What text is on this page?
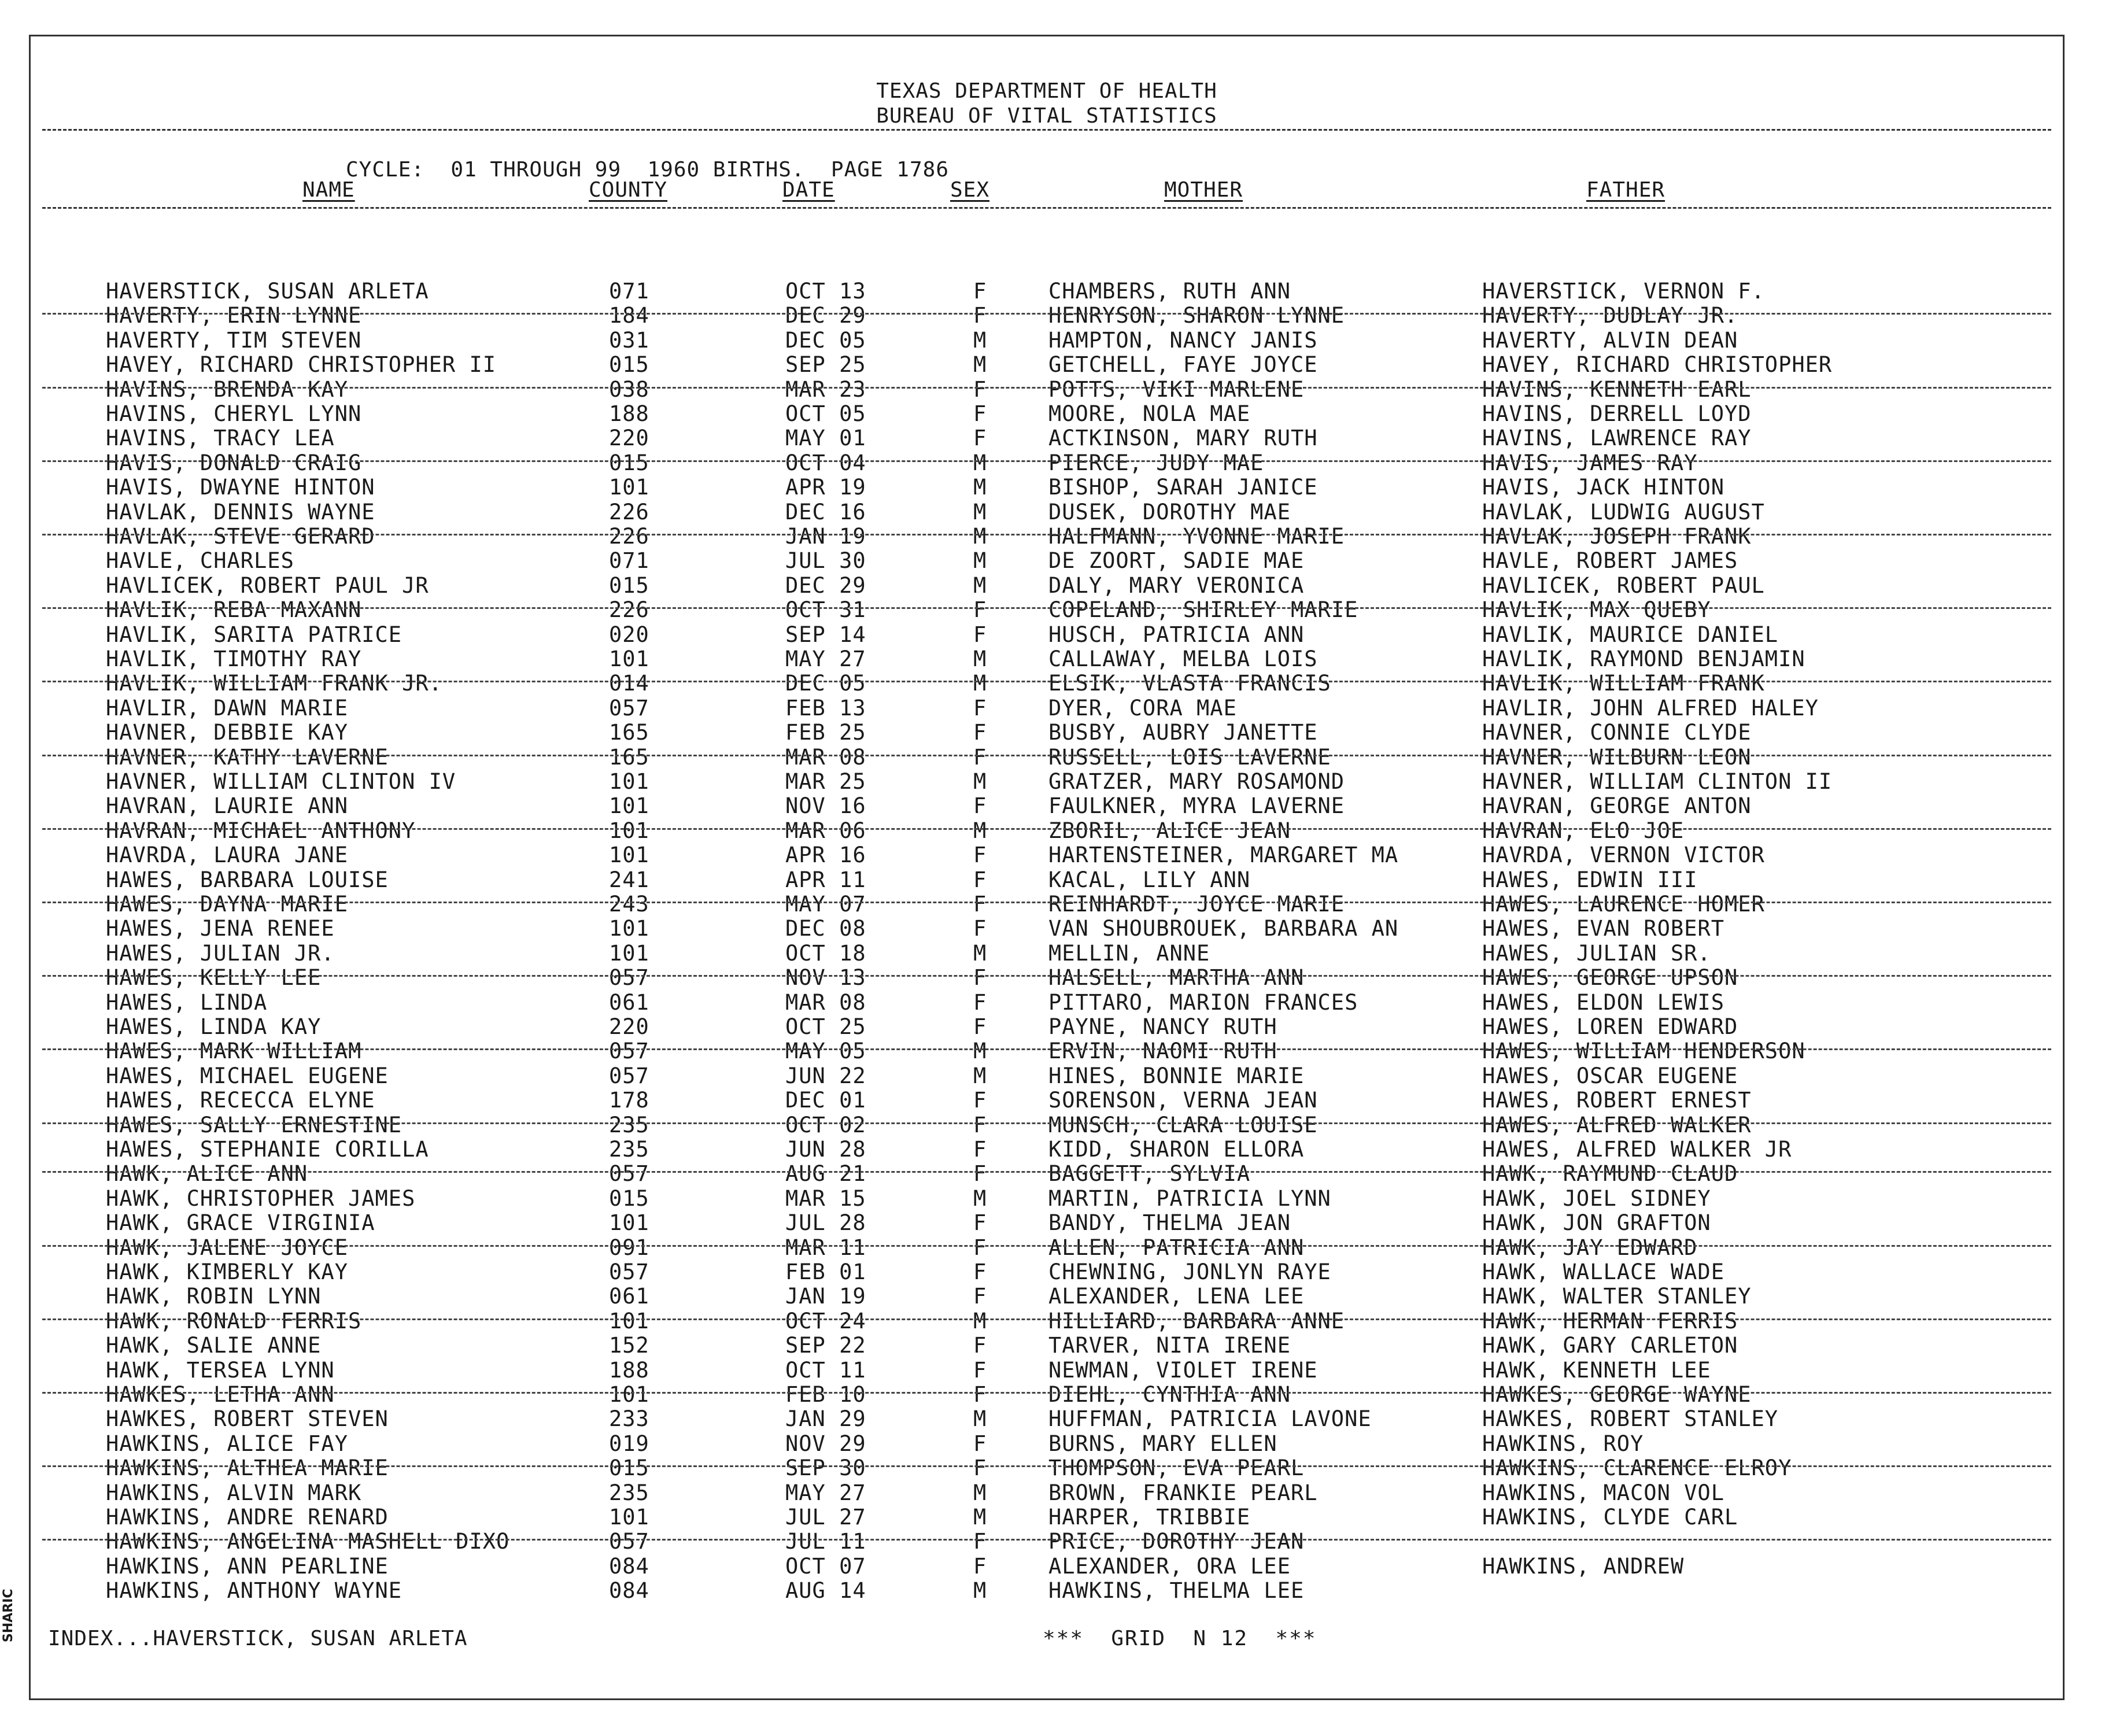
TEXAS DEPARTMENT OF HEALTH
BUREAU OF VITAL STATISTICS
CYCLE:  01 THROUGH 99  1960 BIRTHS.  PAGE 1786
NAME	COUNTY	DATE	SEX	MOTHER	FATHER
HAVERSTICK, SUSAN ARLETA	071	OCT 13	F	CHAMBERS, RUTH ANN	HAVERSTICK, VERNON F.
HAVERTY, ERIN LYNNE	184	DEC 29	F	HENRYSON, SHARON LYNNE	HAVERTY, DUDLAY JR.
HAVERTY, TIM STEVEN	031	DEC 05	M	HAMPTON, NANCY JANIS	HAVERTY, ALVIN DEAN
HAVEY, RICHARD CHRISTOPHER II	015	SEP 25	M	GETCHELL, FAYE JOYCE	HAVEY, RICHARD CHRISTOPHER
HAVINS, BRENDA KAY	038	MAR 23	F	POTTS, VIKI MARLENE	HAVINS, KENNETH EARL
HAVINS, CHERYL LYNN	188	OCT 05	F	MOORE, NOLA MAE	HAVINS, DERRELL LOYD
HAVINS, TRACY LEA	220	MAY 01	F	ACTKINSON, MARY RUTH	HAVINS, LAWRENCE RAY
HAVIS, DONALD CRAIG	015	OCT 04	M	PIERCE, JUDY MAE	HAVIS, JAMES RAY
HAVIS, DWAYNE HINTON	101	APR 19	M	BISHOP, SARAH JANICE	HAVIS, JACK HINTON
HAVLAK, DENNIS WAYNE	226	DEC 16	M	DUSEK, DOROTHY MAE	HAVLAK, LUDWIG AUGUST
HAVLAK, STEVE GERARD	226	JAN 19	M	HALFMANN, YVONNE MARIE	HAVLAK, JOSEPH FRANK
HAVLE, CHARLES	071	JUL 30	M	DE ZOORT, SADIE MAE	HAVLE, ROBERT JAMES
HAVLICEK, ROBERT PAUL JR	015	DEC 29	M	DALY, MARY VERONICA	HAVLICEK, ROBERT PAUL
HAVLIK, REBA MAXANN	226	OCT 31	F	COPELAND, SHIRLEY MARIE	HAVLIK, MAX QUEBY
HAVLIK, SARITA PATRICE	020	SEP 14	F	HUSCH, PATRICIA ANN	HAVLIK, MAURICE DANIEL
HAVLIK, TIMOTHY RAY	101	MAY 27	M	CALLAWAY, MELBA LOIS	HAVLIK, RAYMOND BENJAMIN
HAVLIK, WILLIAM FRANK JR.	014	DEC 05	M	ELSIK, VLASTA FRANCIS	HAVLIK, WILLIAM FRANK
HAVLIR, DAWN MARIE	057	FEB 13	F	DYER, CORA MAE	HAVLIR, JOHN ALFRED HALEY
HAVNER, DEBBIE KAY	165	FEB 25	F	BUSBY, AUBRY JANETTE	HAVNER, CONNIE CLYDE
HAVNER, KATHY LAVERNE	165	MAR 08	F	RUSSELL, LOIS LAVERNE	HAVNER, WILBURN LEON
HAVNER, WILLIAM CLINTON IV	101	MAR 25	M	GRATZER, MARY ROSAMOND	HAVNER, WILLIAM CLINTON II
HAVRAN, LAURIE ANN	101	NOV 16	F	FAULKNER, MYRA LAVERNE	HAVRAN, GEORGE ANTON
HAVRAN, MICHAEL ANTHONY	101	MAR 06	M	ZBORIL, ALICE JEAN	HAVRAN, ELO JOE
HAVRDA, LAURA JANE	101	APR 16	F	HARTENSTEINER, MARGARET MA	HAVRDA, VERNON VICTOR
HAWES, BARBARA LOUISE	241	APR 11	F	KACAL, LILY ANN	HAWES, EDWIN III
HAWES, DAYNA MARIE	243	MAY 07	F	REINHARDT, JOYCE MARIE	HAWES, LAURENCE HOMER
HAWES, JENA RENEE	101	DEC 08	F	VAN SHOUBROUEK, BARBARA AN	HAWES, EVAN ROBERT
HAWES, JULIAN JR.	101	OCT 18	M	MELLIN, ANNE	HAWES, JULIAN SR.
HAWES, KELLY LEE	057	NOV 13	F	HALSELL, MARTHA ANN	HAWES, GEORGE UPSON
HAWES, LINDA	061	MAR 08	F	PITTARO, MARION FRANCES	HAWES, ELDON LEWIS
HAWES, LINDA KAY	220	OCT 25	F	PAYNE, NANCY RUTH	HAWES, LOREN EDWARD
HAWES, MARK WILLIAM	057	MAY 05	M	ERVIN, NAOMI RUTH	HAWES, WILLIAM HENDERSON
HAWES, MICHAEL EUGENE	057	JUN 22	M	HINES, BONNIE MARIE	HAWES, OSCAR EUGENE
HAWES, RECECCA ELYNE	178	DEC 01	F	SORENSON, VERNA JEAN	HAWES, ROBERT ERNEST
HAWES, SALLY ERNESTINE	235	OCT 02	F	MUNSCH, CLARA LOUISE	HAWES, ALFRED WALKER
HAWES, STEPHANIE CORILLA	235	JUN 28	F	KIDD, SHARON ELLORA	HAWES, ALFRED WALKER JR
HAWK, ALICE ANN	057	AUG 21	F	BAGGETT, SYLVIA	HAWK, RAYMUND CLAUD
HAWK, CHRISTOPHER JAMES	015	MAR 15	M	MARTIN, PATRICIA LYNN	HAWK, JOEL SIDNEY
HAWK, GRACE VIRGINIA	101	JUL 28	F	BANDY, THELMA JEAN	HAWK, JON GRAFTON
HAWK, JALENE JOYCE	091	MAR 11	F	ALLEN, PATRICIA ANN	HAWK, JAY EDWARD
HAWK, KIMBERLY KAY	057	FEB 01	F	CHEWNING, JONLYN RAYE	HAWK, WALLACE WADE
HAWK, ROBIN LYNN	061	JAN 19	F	ALEXANDER, LENA LEE	HAWK, WALTER STANLEY
HAWK, RONALD FERRIS	101	OCT 24	M	HILLIARD, BARBARA ANNE	HAWK, HERMAN FERRIS
HAWK, SALIE ANNE	152	SEP 22	F	TARVER, NITA IRENE	HAWK, GARY CARLETON
HAWK, TERSEA LYNN	188	OCT 11	F	NEWMAN, VIOLET IRENE	HAWK, KENNETH LEE
HAWKES, LETHA ANN	101	FEB 10	F	DIEHL, CYNTHIA ANN	HAWKES, GEORGE WAYNE
HAWKES, ROBERT STEVEN	233	JAN 29	M	HUFFMAN, PATRICIA LAVONE	HAWKES, ROBERT STANLEY
HAWKINS, ALICE FAY	019	NOV 29	F	BURNS, MARY ELLEN	HAWKINS, ROY
HAWKINS, ALTHEA MARIE	015	SEP 30	F	THOMPSON, EVA PEARL	HAWKINS, CLARENCE ELROY
HAWKINS, ALVIN MARK	235	MAY 27	M	BROWN, FRANKIE PEARL	HAWKINS, MACON VOL
HAWKINS, ANDRE RENARD	101	JUL 27	M	HARPER, TRIBBIE	HAWKINS, CLYDE CARL
HAWKINS, ANGELINA MASHELL DIXO	057	JUL 11	F	PRICE, DOROTHY JEAN
HAWKINS, ANN PEARLINE	084	OCT 07	F	ALEXANDER, ORA LEE	HAWKINS, ANDREW
HAWKINS, ANTHONY WAYNE	084	AUG 14	M	HAWKINS, THELMA LEE
INDEX...HAVERSTICK, SUSAN ARLETA	***  GRID  N 12  ***
SHARIC
